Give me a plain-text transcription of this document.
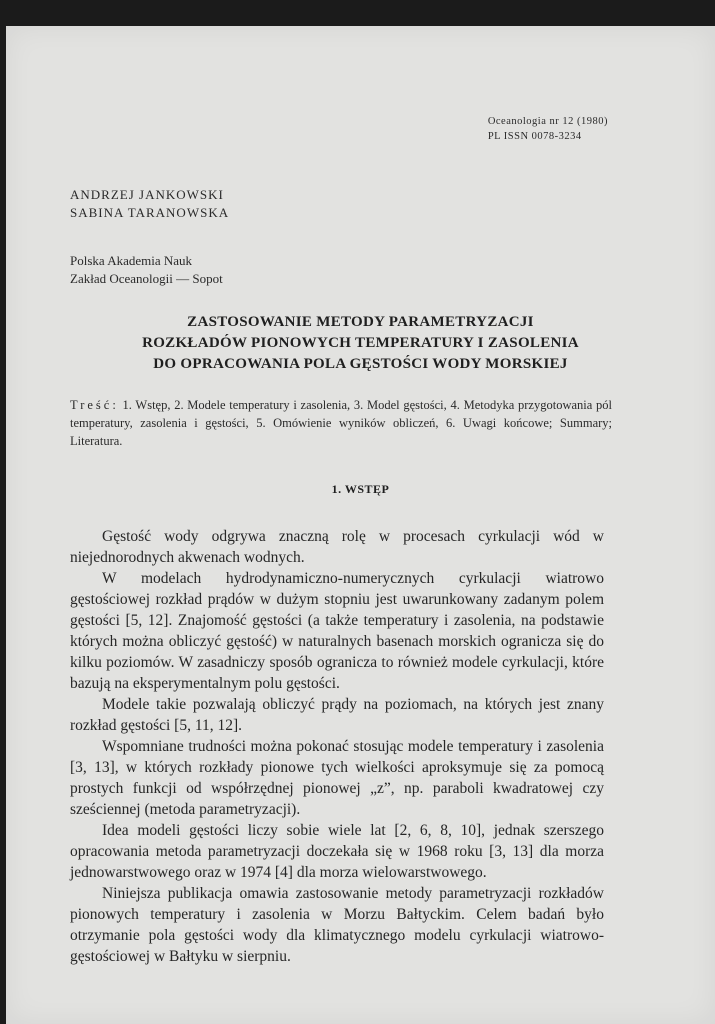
Oceanologia nr 12 (1980)
PL ISSN 0078-3234
ANDRZEJ JANKOWSKI
SABINA TARANOWSKA
Polska Akademia Nauk
Zakład Oceanologii — Sopot
ZASTOSOWANIE METODY PARAMETRYZACJI
ROZKŁADÓW PIONOWYCH TEMPERATURY I ZASOLENIA
DO OPRACOWANIA POLA GĘSTOŚCI WODY MORSKIEJ
Treść: 1. Wstęp, 2. Modele temperatury i zasolenia, 3. Model gęstości, 4. Metodyka przygotowania pól temperatury, zasolenia i gęstości, 5. Omówienie wyników obliczeń, 6. Uwagi końcowe; Summary; Literatura.
1. WSTĘP

Gęstość wody odgrywa znaczną rolę w procesach cyrkulacji wód w niejednorodnych akwenach wodnych.

W modelach hydrodynamiczno-numerycznych cyrkulacji wiatrowo gęstościowej rozkład prądów w dużym stopniu jest uwarunkowany zadanym polem gęstości [5, 12]. Znajomość gęstości (a także temperatury i zasolenia, na podstawie których można obliczyć gęstość) w naturalnych basenach morskich ogranicza się do kilku poziomów. W zasadniczy sposób ogranicza to również modele cyrkulacji, które bazują na eksperymentalnym polu gęstości.

Modele takie pozwalają obliczyć prądy na poziomach, na których jest znany rozkład gęstości [5, 11, 12].

Wspomniane trudności można pokonać stosując modele temperatury i zasolenia [3, 13], w których rozkłady pionowe tych wielkości aproksymuje się za pomocą prostych funkcji od współrzędnej pionowej „z”, np. paraboli kwadratowej czy sześciennej (metoda parametryzacji).

Idea modeli gęstości liczy sobie wiele lat [2, 6, 8, 10], jednak szerszego opracowania metoda parametryzacji doczekała się w 1968 roku [3, 13] dla morza jednowarstwowego oraz w 1974 [4] dla morza wielowarstwowego.

Niniejsza publikacja omawia zastosowanie metody parametryzacji rozkładów pionowych temperatury i zasolenia w Morzu Bałtyckim. Celem badań było otrzymanie pola gęstości wody dla klimatycznego modelu cyrkulacji wiatrowo-gęstościowej w Bałtyku w sierpniu.
